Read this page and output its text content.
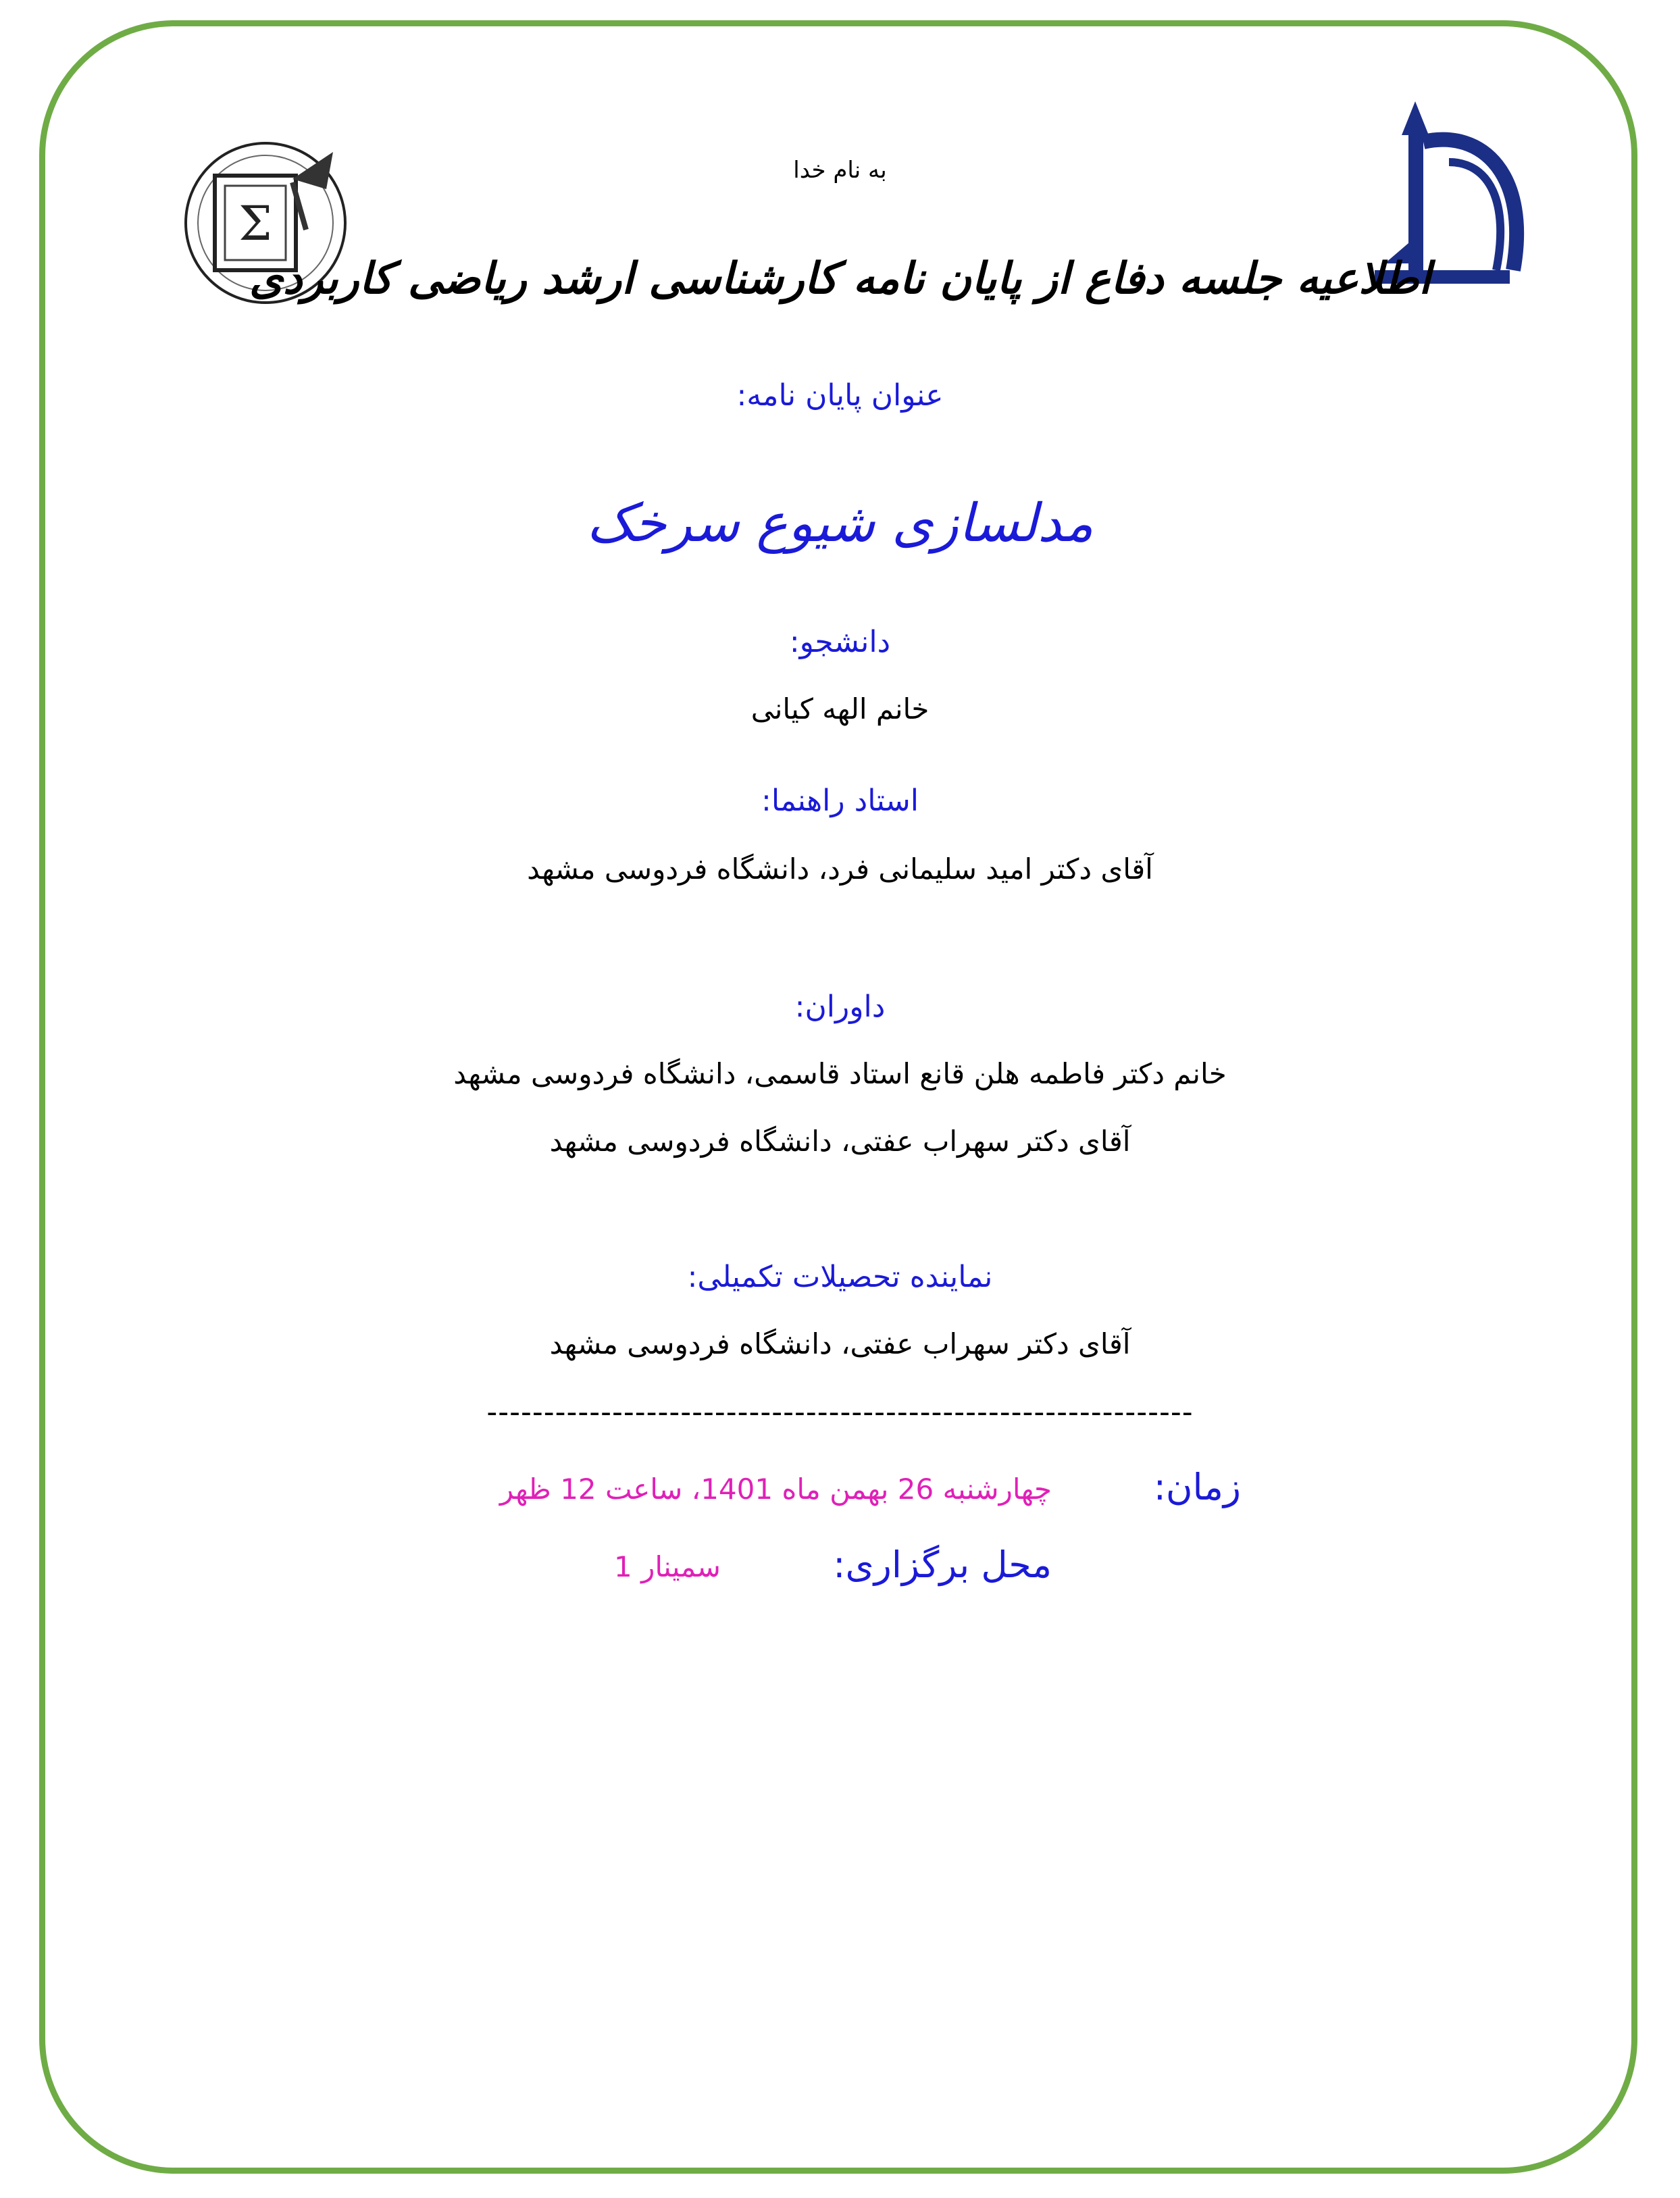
Σ
به نام خدا
اطلاعیه جلسه دفاع از پایان نامه کارشناسی ارشد ریاضی کاربردی
عنوان پایان نامه:
مدلسازی شیوع سرخک
دانشجو:
خانم الهه کیانی
استاد راهنما:
آقای دکتر امید سلیمانی فرد، دانشگاه فردوسی مشهد
داوران:
خانم دکتر فاطمه هلن قانع استاد قاسمی، دانشگاه فردوسی مشهد
آقای دکتر سهراب عفتی، دانشگاه فردوسی مشهد
نماینده تحصیلات تکمیلی:
آقای دکتر سهراب عفتی، دانشگاه فردوسی مشهد
--------------------------------------------------------------
زمان:
چهارشنبه 26 بهمن ماه 1401، ساعت 12 ظهر
محل برگزاری:
سمینار 1
